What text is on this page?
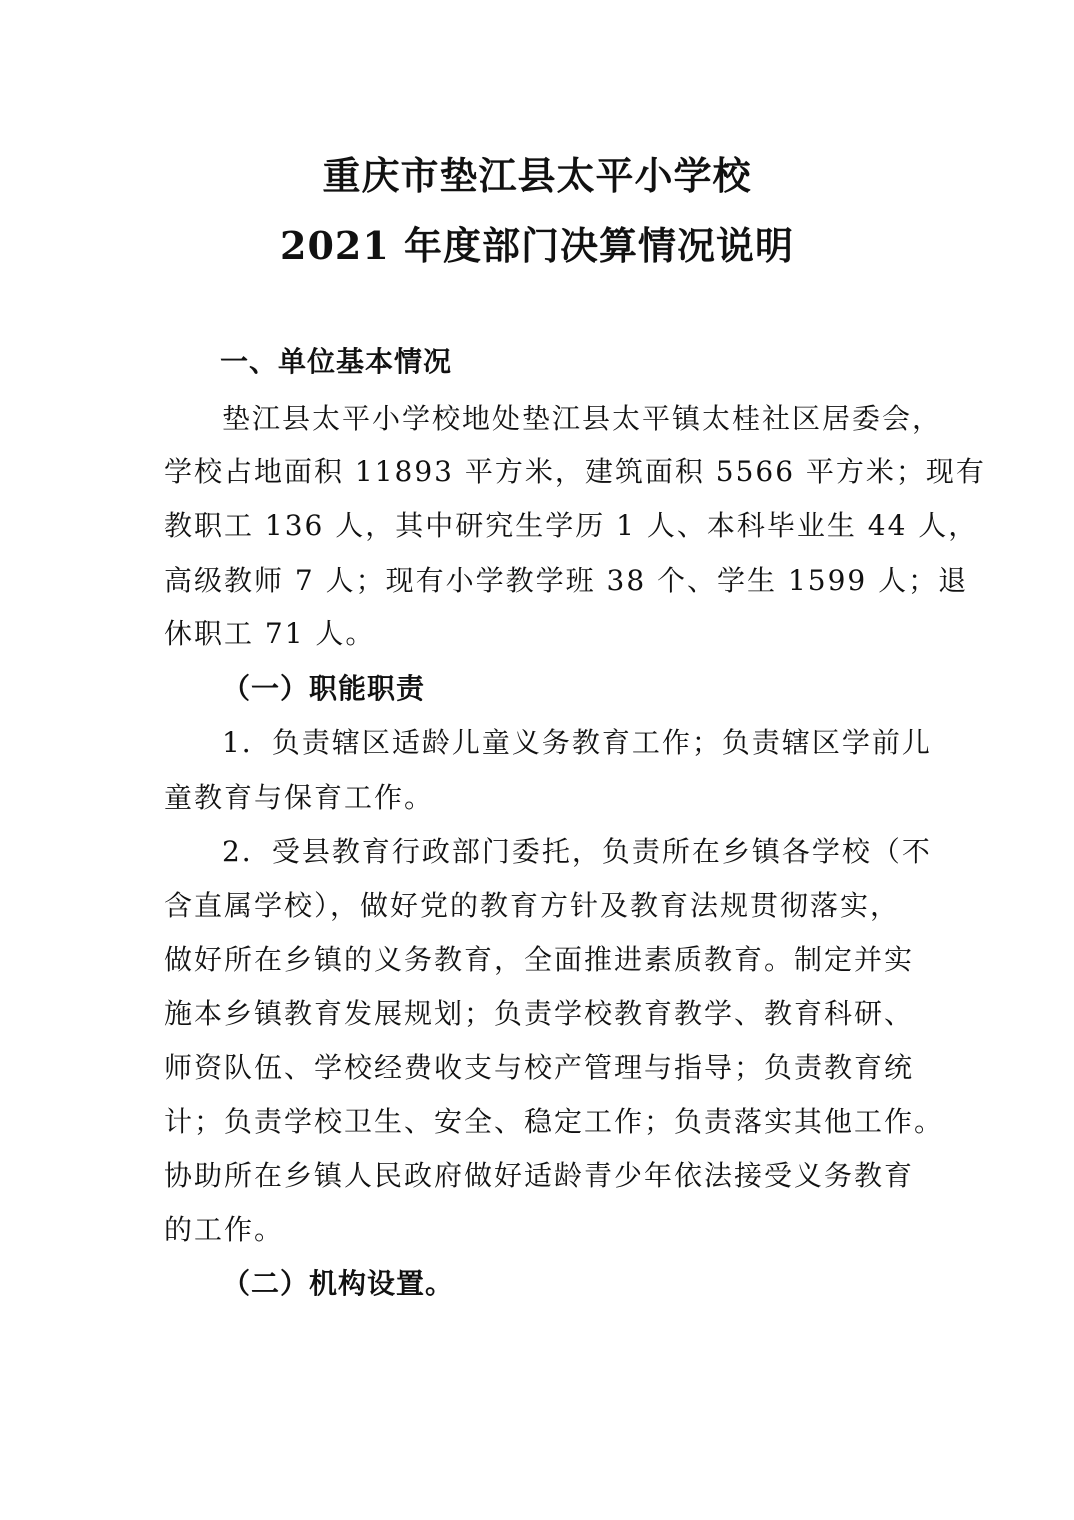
重庆市垫江县太平小学校
2021 年度部门决算情况说明
一、单位基本情况
垫江县太平小学校地处垫江县太平镇太桂社区居委会，
学校占地面积 11893 平方米，建筑面积 5566 平方米；现有
教职工 136 人，其中研究生学历 1 人、本科毕业生 44 人，
高级教师 7 人；现有小学教学班 38 个、学生 1599 人；退
休职工 71 人。
（一）职能职责
1．负责辖区适龄儿童义务教育工作；负责辖区学前儿
童教育与保育工作。
2．受县教育行政部门委托，负责所在乡镇各学校（不
含直属学校），做好党的教育方针及教育法规贯彻落实，
做好所在乡镇的义务教育，全面推进素质教育。制定并实
施本乡镇教育发展规划；负责学校教育教学、教育科研、
师资队伍、学校经费收支与校产管理与指导；负责教育统
计；负责学校卫生、安全、稳定工作；负责落实其他工作。
协助所在乡镇人民政府做好适龄青少年依法接受义务教育
的工作。
（二）机构设置。
